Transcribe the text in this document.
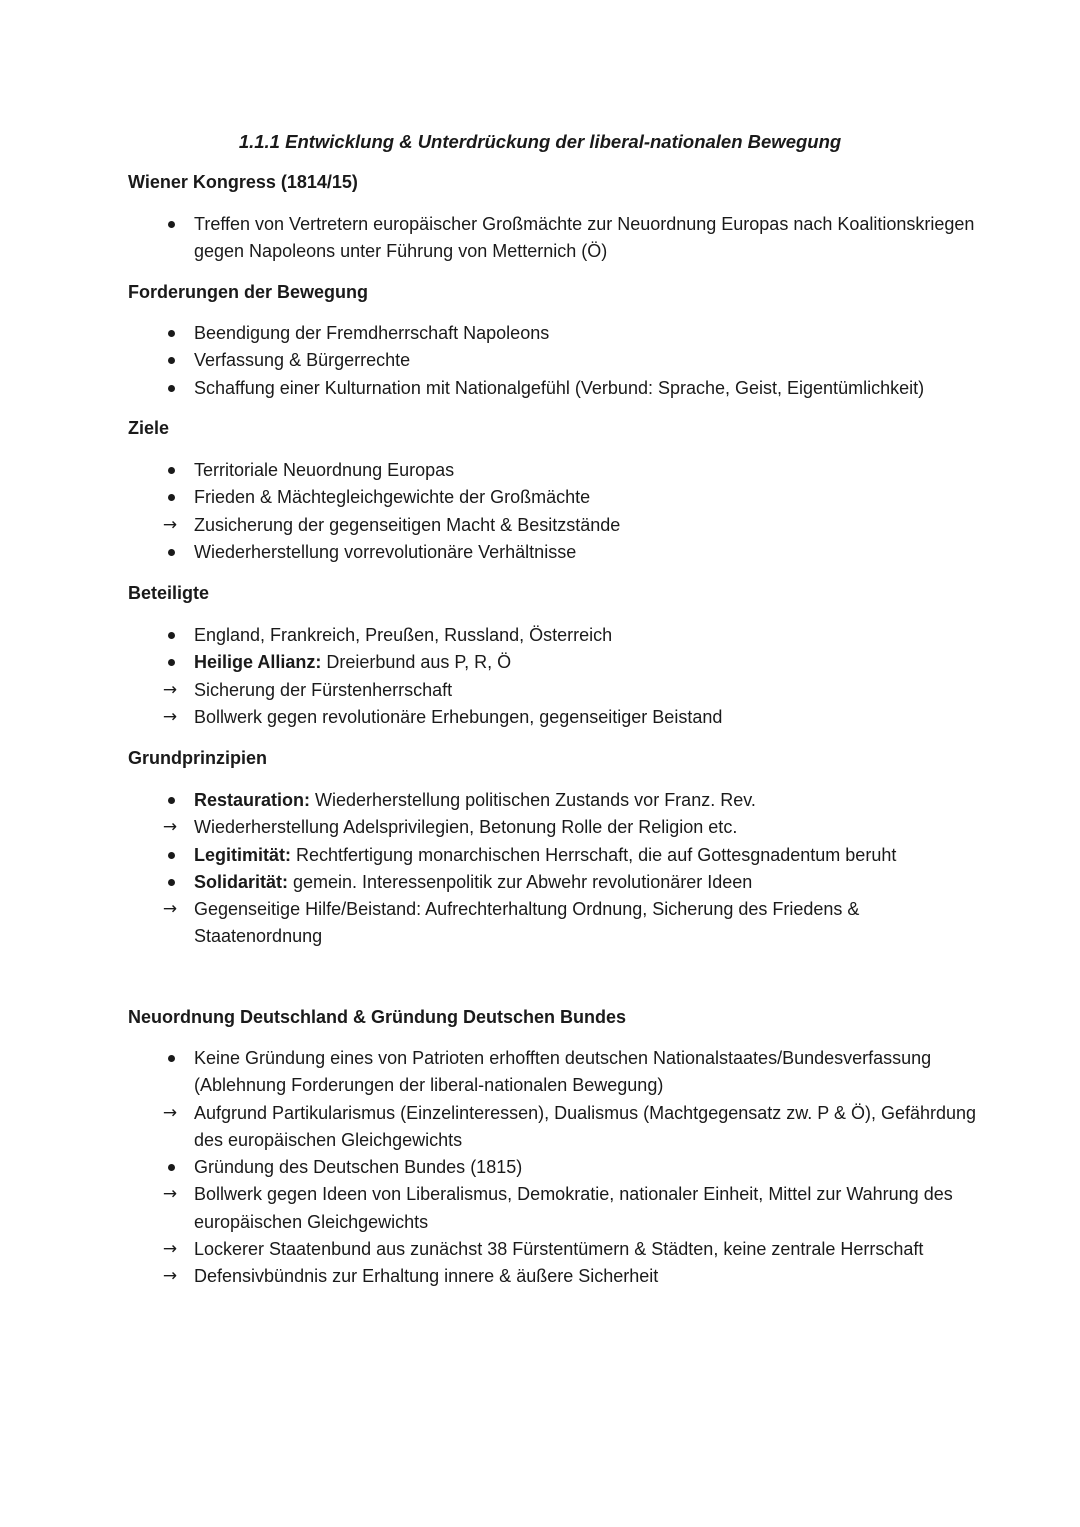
1.1.1 Entwicklung & Unterdrückung der liberal-nationalen Bewegung
Wiener Kongress (1814/15)
Treffen von Vertretern europäischer Großmächte zur Neuordnung Europas nach Koalitionskriegen gegen Napoleons unter Führung von Metternich (Ö)
Forderungen der Bewegung
Beendigung der Fremdherrschaft Napoleons
Verfassung & Bürgerrechte
Schaffung einer Kulturnation mit Nationalgefühl (Verbund: Sprache, Geist, Eigentümlichkeit)
Ziele
Territoriale Neuordnung Europas
Frieden & Mächtegleichgewichte der Großmächte
→ Zusicherung der gegenseitigen Macht & Besitzstände
Wiederherstellung vorrevolutionäre Verhältnisse
Beteiligte
England, Frankreich, Preußen, Russland, Österreich
Heilige Allianz: Dreierbund aus P, R, Ö
→ Sicherung der Fürstenherrschaft
→ Bollwerk gegen revolutionäre Erhebungen, gegenseitiger Beistand
Grundprinzipien
Restauration: Wiederherstellung politischen Zustands vor Franz. Rev.
→ Wiederherstellung Adelsprivilegien, Betonung Rolle der Religion etc.
Legitimität: Rechtfertigung monarchischen Herrschaft, die auf Gottesgnadentum beruht
Solidarität: gemein. Interessenpolitik zur Abwehr revolutionärer Ideen
→ Gegenseitige Hilfe/Beistand: Aufrechterhaltung Ordnung, Sicherung des Friedens & Staatenordnung
Neuordnung Deutschland & Gründung Deutschen Bundes
Keine Gründung eines von Patrioten erhofften deutschen Nationalstaates/Bundesverfassung (Ablehnung Forderungen der liberal-nationalen Bewegung)
→ Aufgrund Partikularismus (Einzelinteressen), Dualismus (Machtgegensatz zw. P & Ö), Gefährdung des europäischen Gleichgewichts
Gründung des Deutschen Bundes (1815)
→ Bollwerk gegen Ideen von Liberalismus, Demokratie, nationaler Einheit, Mittel zur Wahrung des europäischen Gleichgewichts
→ Lockerer Staatenbund aus zunächst 38 Fürstentümern & Städten, keine zentrale Herrschaft
→ Defensivbündnis zur Erhaltung innere & äußere Sicherheit
